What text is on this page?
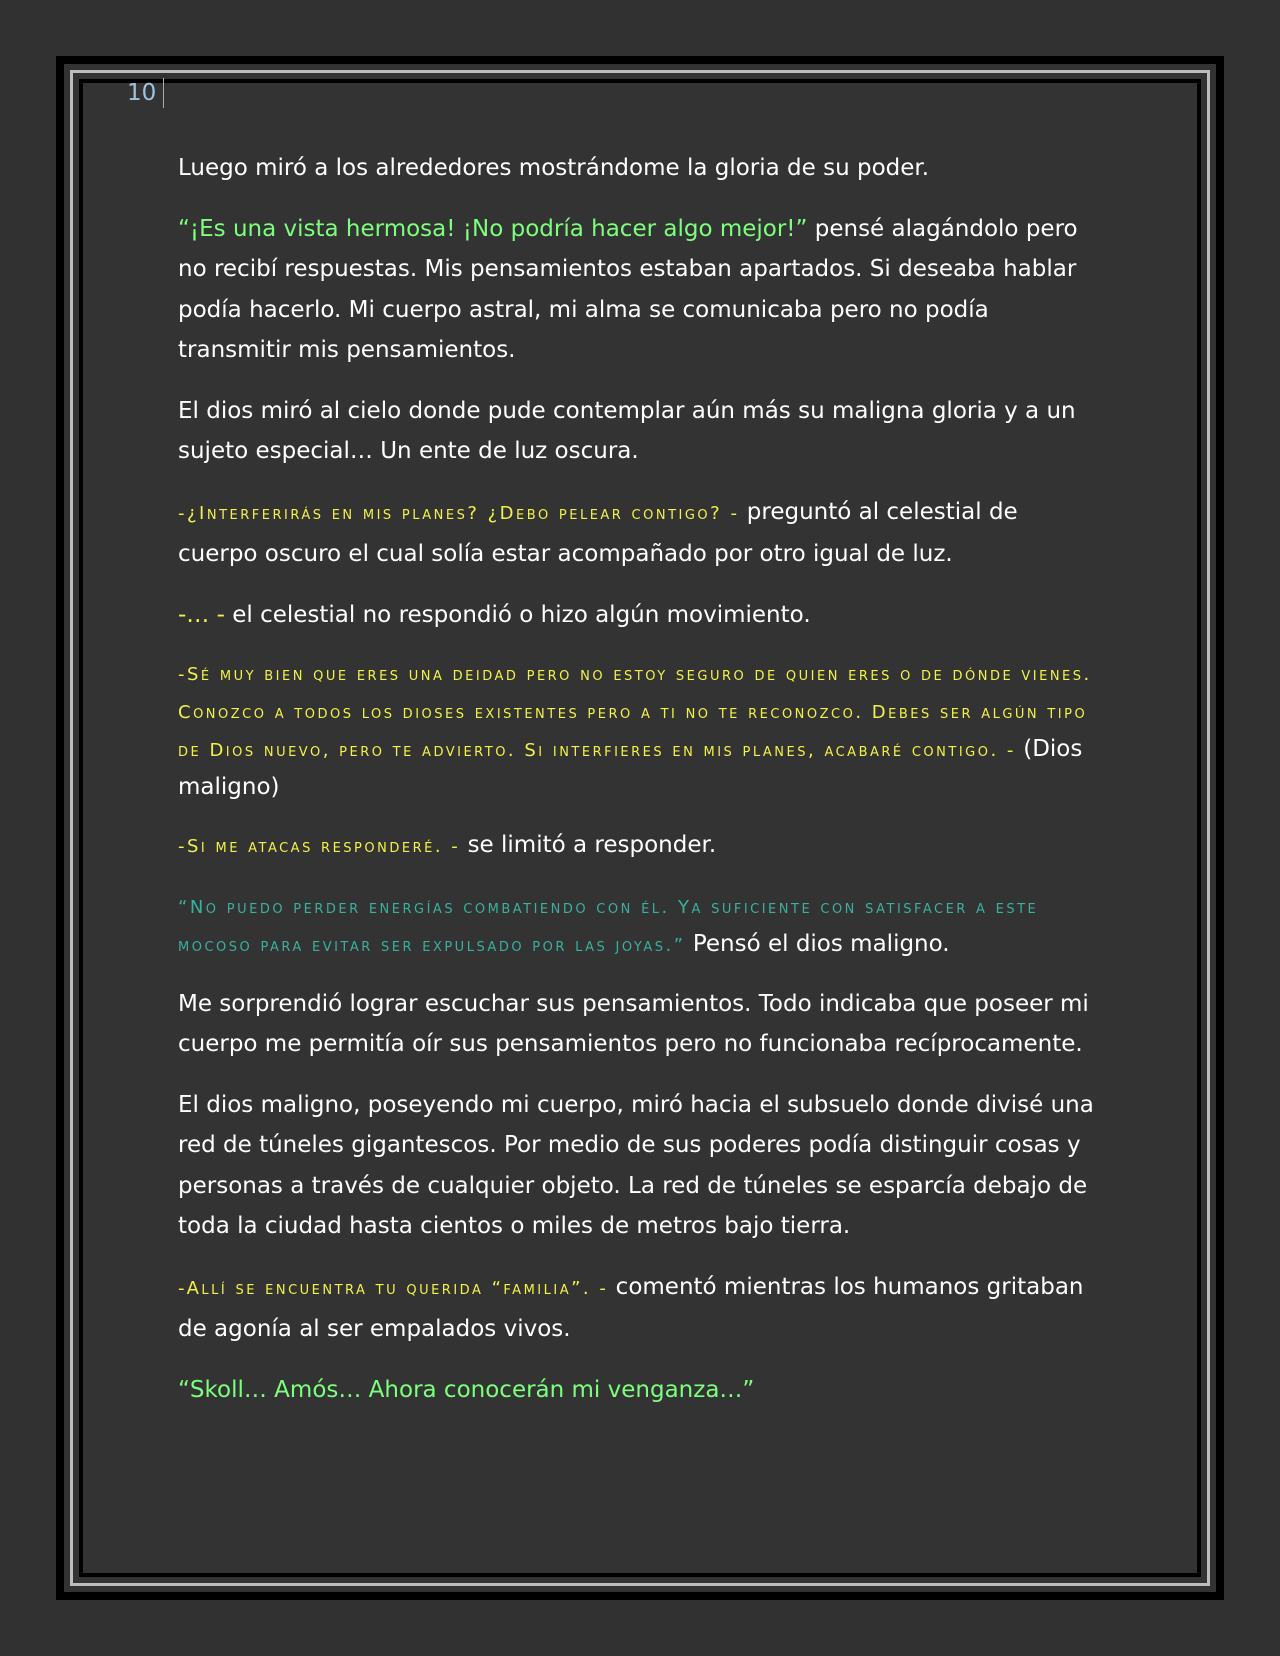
10

Luego miró a los alrededores mostrándome la gloria de su poder.

“¡Es una vista hermosa! ¡No podría hacer algo mejor!” pensé alagándolo pero no recibí respuestas. Mis pensamientos estaban apartados. Si deseaba hablar podía hacerlo. Mi cuerpo astral, mi alma se comunicaba pero no podía transmitir mis pensamientos.

El dios miró al cielo donde pude contemplar aún más su maligna gloria y a un sujeto especial… Un ente de luz oscura.

-¿Interferirás en mis planes? ¿Debo pelear contigo? - preguntó al celestial de cuerpo oscuro el cual solía estar acompañado por otro igual de luz.

-… - el celestial no respondió o hizo algún movimiento.

-Sé muy bien que eres una deidad pero no estoy seguro de quien eres o de dónde vienes. Conozco a todos los dioses existentes pero a ti no te reconozco. Debes ser algún tipo de Dios nuevo, pero te advierto. Si interfieres en mis planes, acabaré contigo. - (Dios maligno)

-Si me atacas responderé. - se limitó a responder.

“No puedo perder energías combatiendo con él. Ya suficiente con satisfacer a este mocoso para evitar ser expulsado por las joyas.” Pensó el dios maligno.

Me sorprendió lograr escuchar sus pensamientos. Todo indicaba que poseer mi cuerpo me permitía oír sus pensamientos pero no funcionaba recíprocamente.

El dios maligno, poseyendo mi cuerpo, miró hacia el subsuelo donde divisé una red de túneles gigantescos. Por medio de sus poderes podía distinguir cosas y personas a través de cualquier objeto. La red de túneles se esparcía debajo de toda la ciudad hasta cientos o miles de metros bajo tierra.

-Allí se encuentra tu querida “familia”. - comentó mientras los humanos gritaban de agonía al ser empalados vivos.

“Skoll… Amós… Ahora conocerán mi venganza…”
